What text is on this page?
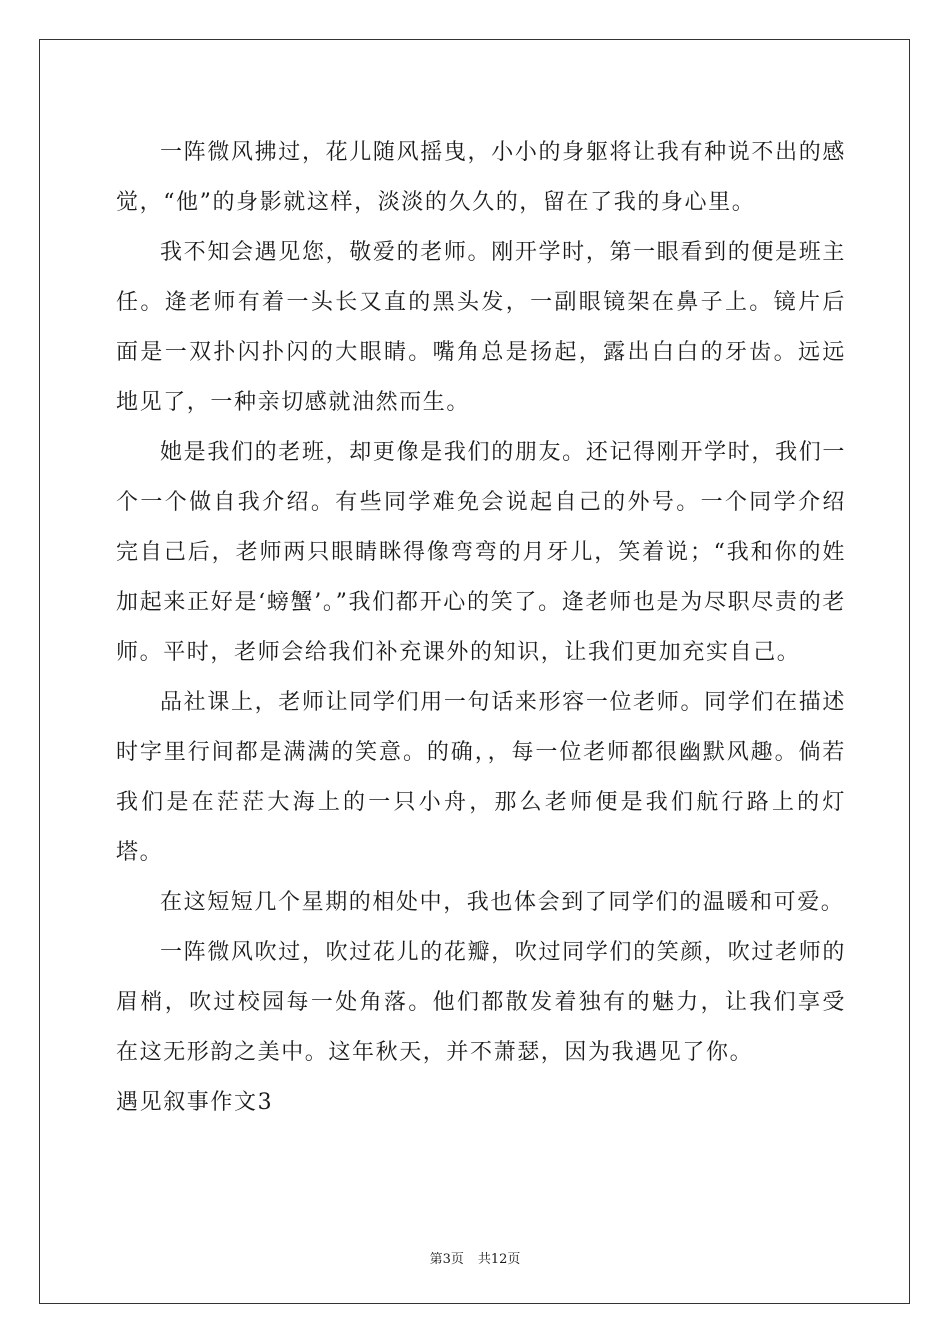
一阵微风拂过，花儿随风摇曳，小小的身躯将让我有种说不出的感觉，“他”的身影就这样，淡淡的久久的，留在了我的身心里。

我不知会遇见您，敬爱的老师。刚开学时，第一眼看到的便是班主任。逄老师有着一头长又直的黑头发，一副眼镜架在鼻子上。镜片后面是一双扑闪扑闪的大眼睛。嘴角总是扬起，露出白白的牙齿。远远地见了，一种亲切感就油然而生。

她是我们的老班，却更像是我们的朋友。还记得刚开学时，我们一个一个做自我介绍。有些同学难免会说起自己的外号。一个同学介绍完自己后，老师两只眼睛眯得像弯弯的月牙儿，笑着说；“我和你的姓加起来正好是‘螃蟹’。”我们都开心的笑了。逄老师也是为尽职尽责的老师。平时，老师会给我们补充课外的知识，让我们更加充实自己。

品社课上，老师让同学们用一句话来形容一位老师。同学们在描述时字里行间都是满满的笑意。的确，，每一位老师都很幽默风趣。倘若我们是在茫茫大海上的一只小舟，那么老师便是我们航行路上的灯塔。

在这短短几个星期的相处中，我也体会到了同学们的温暖和可爱。

一阵微风吹过，吹过花儿的花瓣，吹过同学们的笑颜，吹过老师的眉梢，吹过校园每一处角落。他们都散发着独有的魅力，让我们享受在这无形韵之美中。这年秋天，并不萧瑟，因为我遇见了你。

遇见叙事作文3

第3页 共12页
